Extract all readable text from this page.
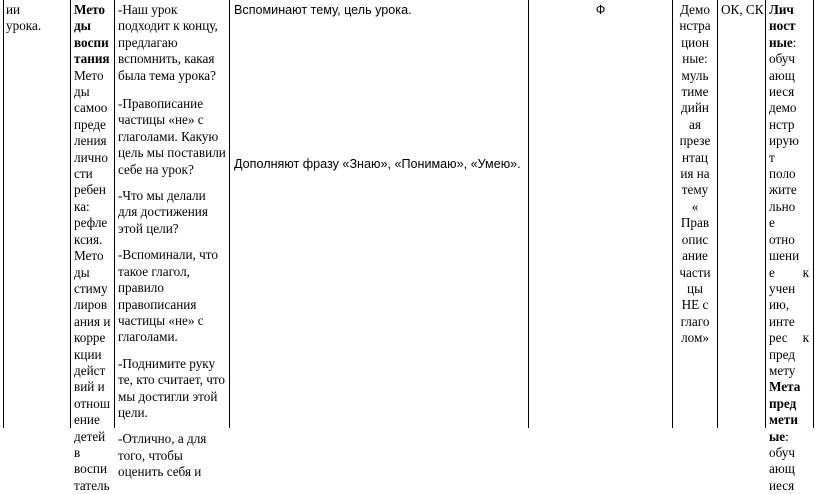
ии

урока.

Мето

ды

воспи

тания

Мето

ды

самоо

преде

ления

лично

сти

ребен

ка:

рефле

ксия.

Мето

ды

стиму

лиров

ания и

корре

кции

дейст

вий и

отнош

ение

детей

в

воспи

татель

-Наш урок подходит к концу, предлагаю вспомнить, какая была тема урока?

-Правописание частицы «не» с глаголами. Какую цель мы поставили себе на урок?

-Что мы делали для достижения этой цели?

-Вспоминали, что такое глагол, правило правописания частицы «не» с глаголами.

-Поднимите руку те, кто считает, что мы достигли этой цели.

-Отлично, а для того, чтобы оценить себя и

Вспоминают тему, цель урока.

Дополняют фразу «Знаю», «Понимаю», «Умею».

Ф	Демо

нстра

цион

ные:

муль

тиме

дийн

ая

презе

нтац

ия на

тему

«

Прав

опис

ание

части

цы

НЕ с

глаго

лом»

ОК, СК Лич

ност

ные:

обуч

ающ

иеся

демо

нстр

ирую

т

поло

жите

льно

е

отно

шени

е к

учен

ию,

инте

рес к

пред

мету

Мета

пред

мети

ые:

обуч

ающ

иеся
